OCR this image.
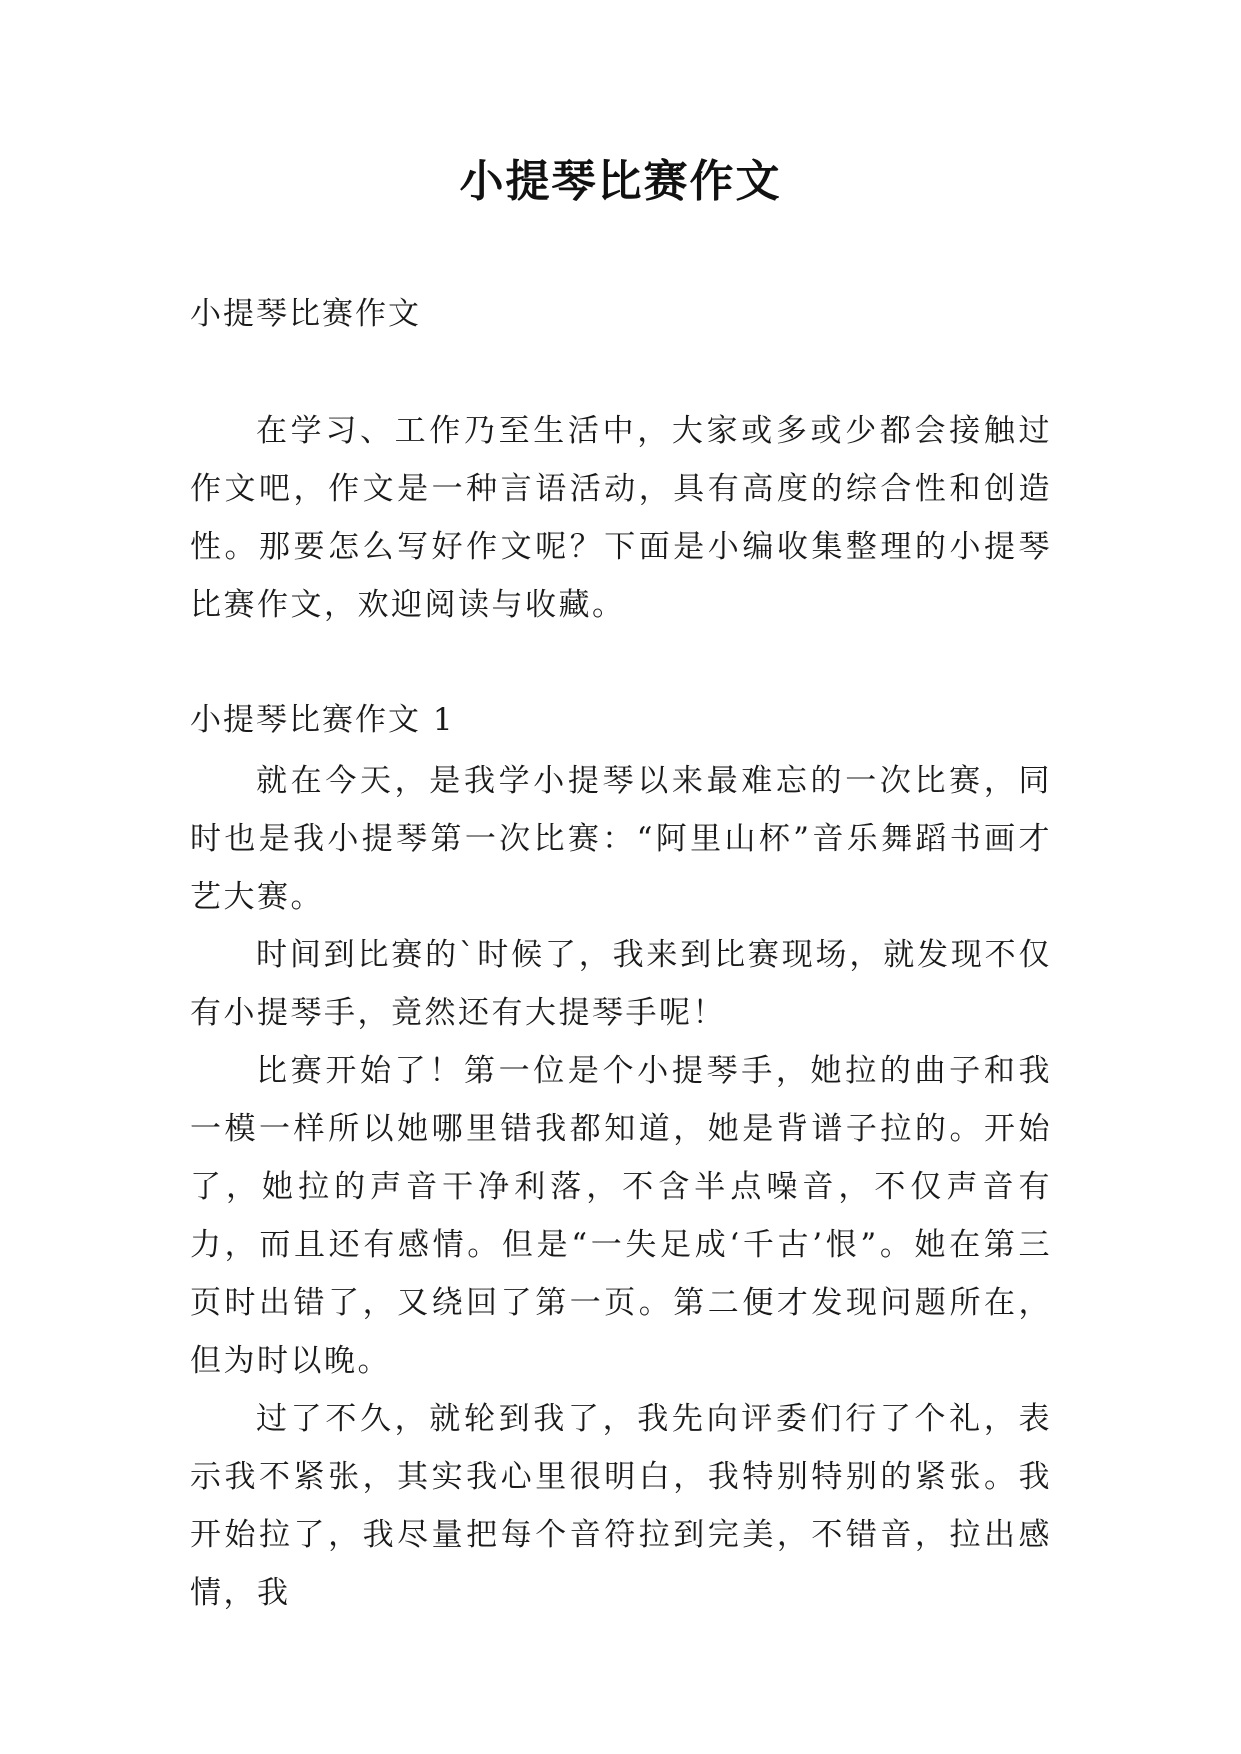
小提琴比赛作文

小提琴比赛作文

在学习、工作乃至生活中，大家或多或少都会接触过作文吧，作文是一种言语活动，具有高度的综合性和创造性。那要怎么写好作文呢？下面是小编收集整理的小提琴比赛作文，欢迎阅读与收藏。

小提琴比赛作文 1

就在今天，是我学小提琴以来最难忘的一次比赛，同时也是我小提琴第一次比赛：“阿里山杯”音乐舞蹈书画才艺大赛。

时间到比赛的`时候了，我来到比赛现场，就发现不仅有小提琴手，竟然还有大提琴手呢！

比赛开始了！第一位是个小提琴手，她拉的曲子和我一模一样所以她哪里错我都知道，她是背谱子拉的。开始了，她拉的声音干净利落，不含半点噪音，不仅声音有力，而且还有感情。但是“一失足成‘千古’恨”。她在第三页时出错了，又绕回了第一页。第二便才发现问题所在，但为时以晚。

过了不久，就轮到我了，我先向评委们行了个礼，表示我不紧张，其实我心里很明白，我特别特别的紧张。我开始拉了，我尽量把每个音符拉到完美，不错音，拉出感情，我
